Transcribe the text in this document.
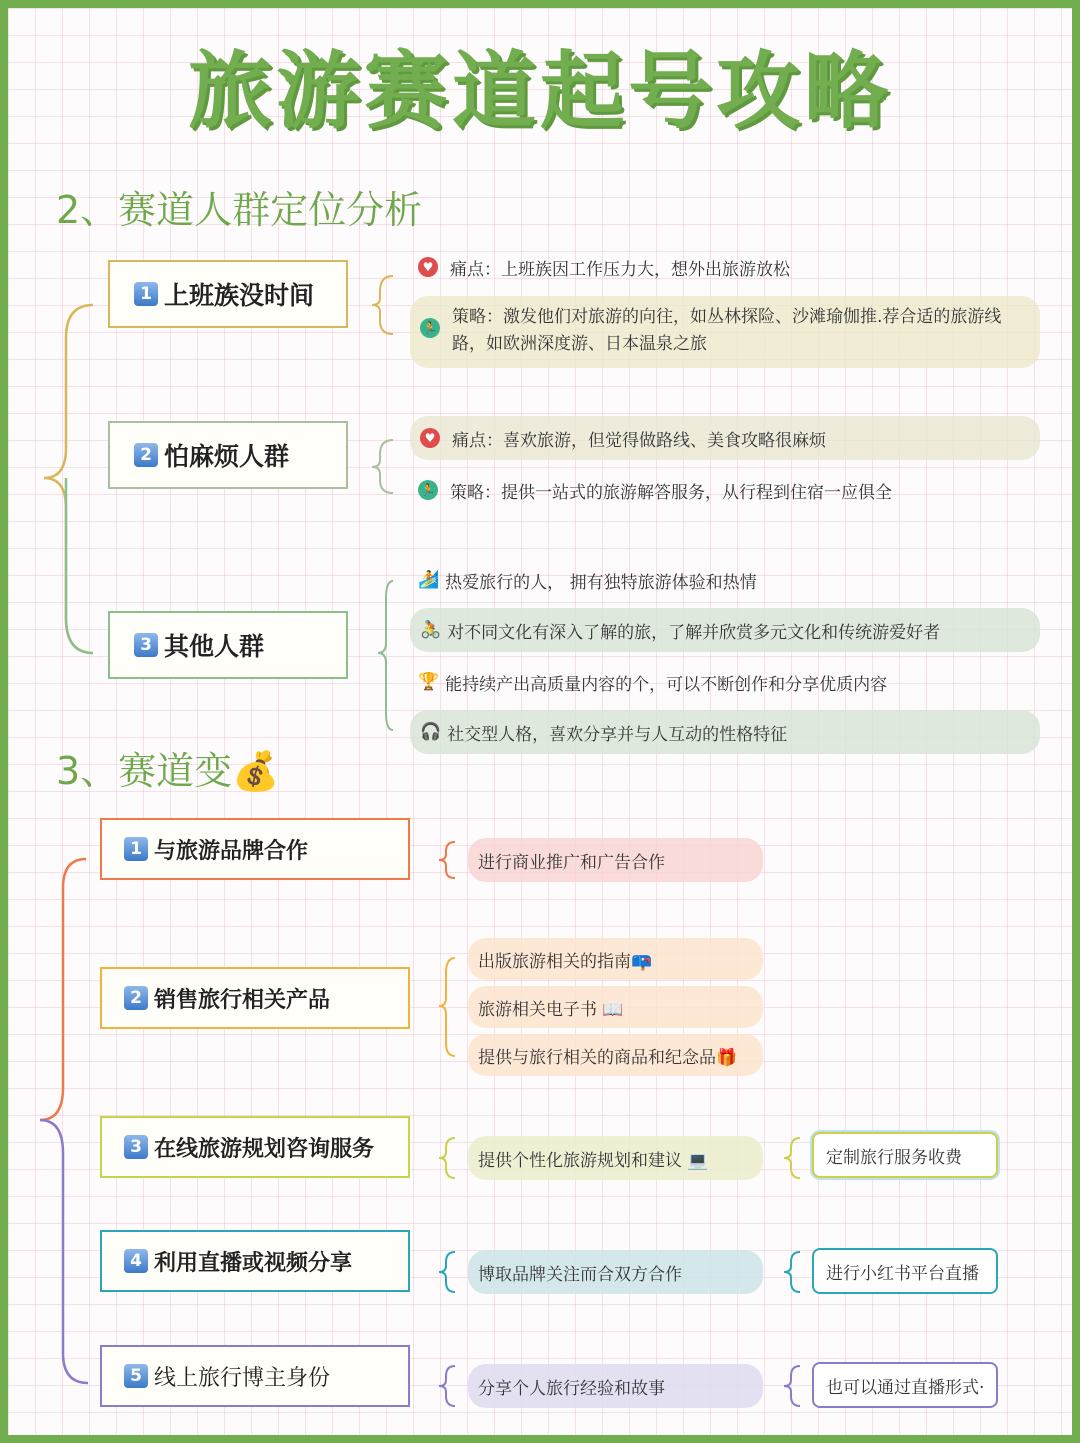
旅游赛道起号攻略
2、赛道人群定位分析
1 上班族没时间
♥ 痛点：上班族因工作压力大，想外出旅游放松
🏃
策略：激发他们对旅游的向往，如丛林探险、沙滩瑜伽推.荐合适的旅游线路，如欧洲深度游、日本温泉之旅
2 怕麻烦人群
♥ 痛点：喜欢旅游，但觉得做路线、美食攻略很麻烦
🏃 策略：提供一站式的旅游解答服务，从行程到住宿一应俱全
3 其他人群
🏄 热爱旅行的人， 拥有独特旅游体验和热情
🚴 对不同文化有深入了解的旅，了解并欣赏多元文化和传统游爱好者
🏆 能持续产出高质量内容的个，可以不断创作和分享优质内容
🎧 社交型人格，喜欢分享并与人互动的性格特征
3、赛道变💰
1 与旅游品牌合作	进行商业推广和广告合作
2 销售旅行相关产品
出版旅游相关的指南📪
旅游相关电子书 📖
提供与旅行相关的商品和纪念品🎁
3 在线旅游规划咨询服务	提供个性化旅游规划和建议 💻	定制旅行服务收费
4 利用直播或视频分享	博取品牌关注而合双方合作	进行小红书平台直播
5 线上旅行博主身份	分享个人旅行经验和故事	也可以通过直播形式·
